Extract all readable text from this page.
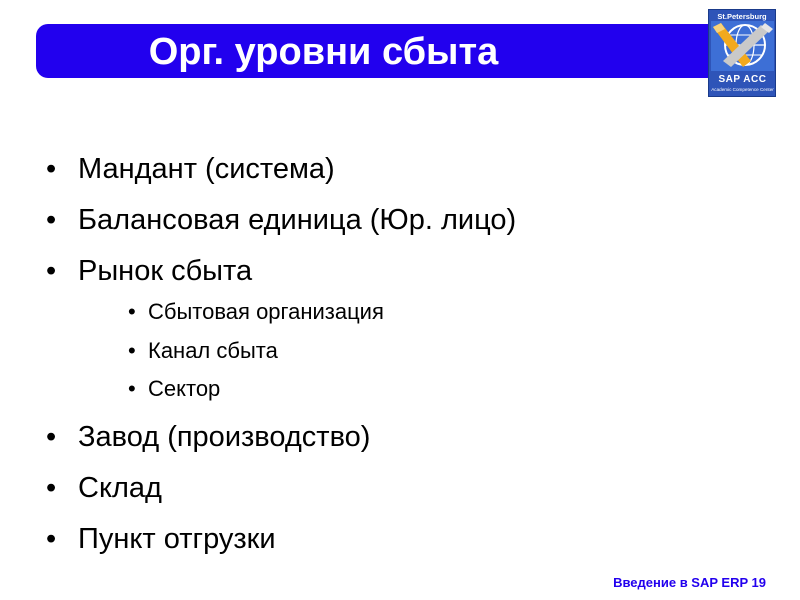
Орг. уровни сбыта
St.Petersburg
SAP ACC
Academic Competence Center
• Мандант (система)
• Балансовая единица (Юр. лицо)
• Рынок сбыта
• Сбытовая организация
• Канал сбыта
• Сектор
• Завод (производство)
• Склад
• Пункт отгрузки
Введение в SAP ERP 19
